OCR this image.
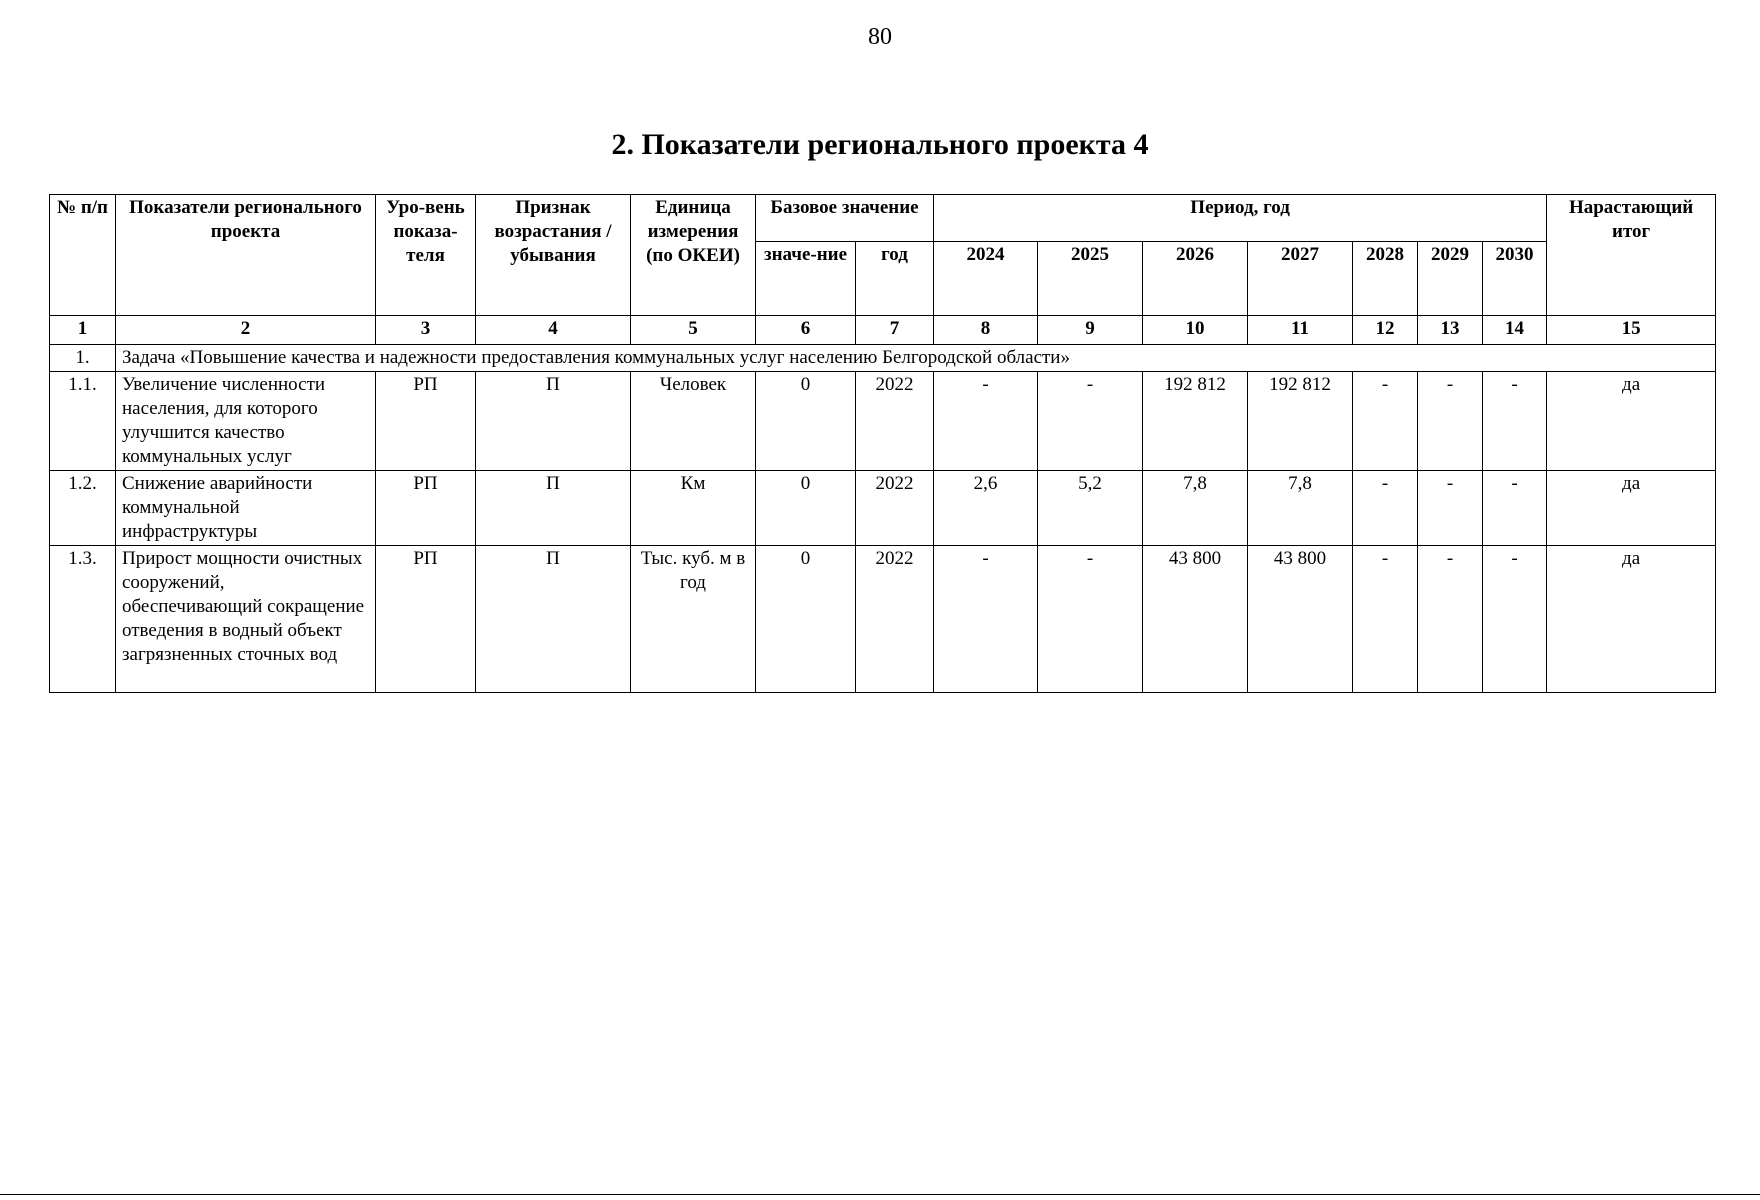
80
2. Показатели регионального проекта 4
№ п/п	Показатели регионального проекта	Уро-вень показа-теля	Признак возрастания / убывания	Единица измерения (по ОКЕИ)	Базовое значение		Период, год							Нарастающий итог
					значе-ние	год	2024	2025	2026	2027	2028	2029	2030	
1	2	3	4	5	6	7	8	9	10	11	12	13	14	15
1.	Задача «Повышение качества и надежности предоставления коммунальных услуг населению Белгородской области»													
1.1.	Увеличение численности населения, для которого улучшится качество коммунальных услуг	РП	П	Человек	0	2022	-	-	192 812	192 812	-	-	-	да
1.2.	Снижение аварийности коммунальной инфраструктуры	РП	П	Км	0	2022	2,6	5,2	7,8	7,8	-	-	-	да
1.3.	Прирост мощности очистных сооружений, обеспечивающий сокращение отведения в водный объект загрязненных сточных вод	РП	П	Тыс. куб. м в год	0	2022	-	-	43 800	43 800	-	-	-	да
